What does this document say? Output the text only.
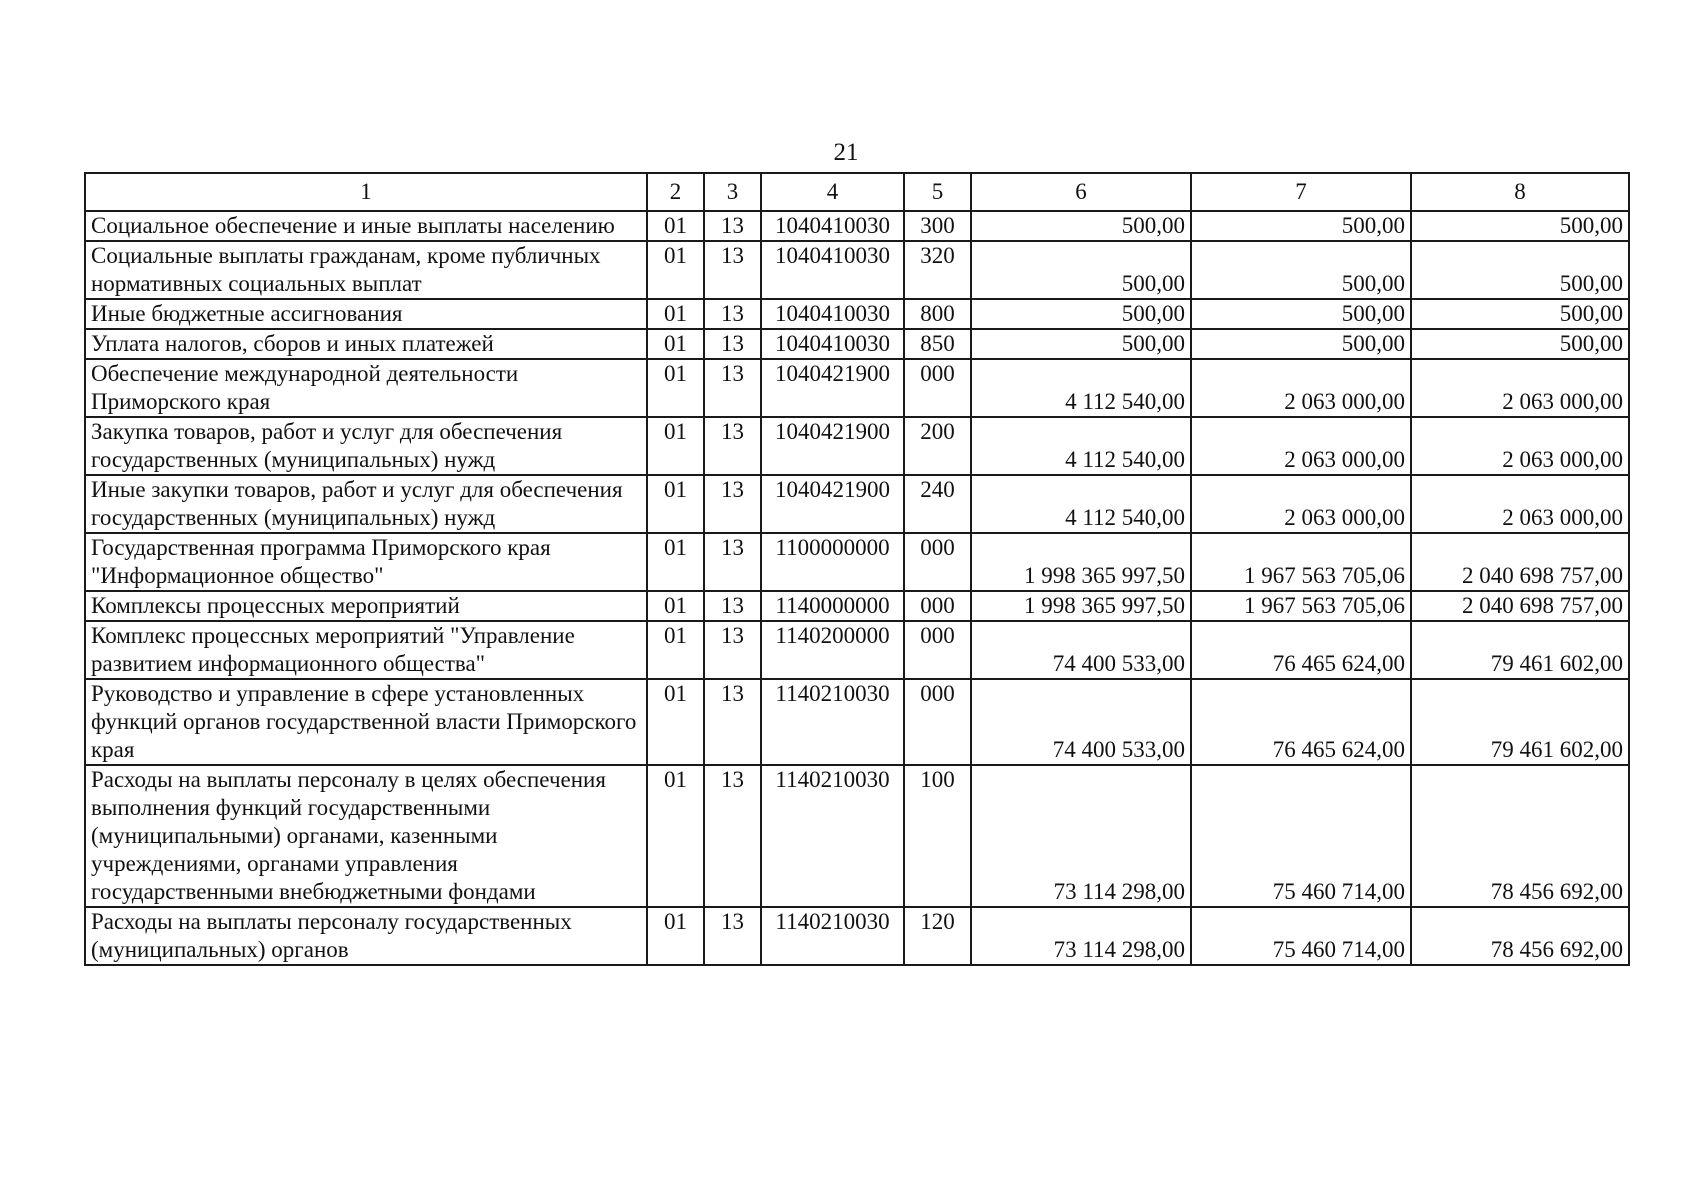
21
1	2	3	4	5	6	7	8
Социальное обеспечение и иные выплаты населению	01	13	1040410030	300	500,00	500,00	500,00
Социальные выплаты гражданам, кроме публичных нормативных социальных выплат	01	13	1040410030	320	500,00	500,00	500,00
Иные бюджетные ассигнования	01	13	1040410030	800	500,00	500,00	500,00
Уплата налогов, сборов и иных платежей	01	13	1040410030	850	500,00	500,00	500,00
Обеспечение международной деятельности Приморского края	01	13	1040421900	000	4 112 540,00	2 063 000,00	2 063 000,00
Закупка товаров, работ и услуг для обеспечения государственных (муниципальных) нужд	01	13	1040421900	200	4 112 540,00	2 063 000,00	2 063 000,00
Иные закупки товаров, работ и услуг для обеспечения государственных (муниципальных) нужд	01	13	1040421900	240	4 112 540,00	2 063 000,00	2 063 000,00
Государственная программа Приморского края "Информационное общество"	01	13	1100000000	000	1 998 365 997,50	1 967 563 705,06	2 040 698 757,00
Комплексы процессных мероприятий	01	13	1140000000	000	1 998 365 997,50	1 967 563 705,06	2 040 698 757,00
Комплекс процессных мероприятий "Управление развитием информационного общества"	01	13	1140200000	000	74 400 533,00	76 465 624,00	79 461 602,00
Руководство и управление в сфере установленных функций органов государственной власти Приморского края	01	13	1140210030	000	74 400 533,00	76 465 624,00	79 461 602,00
Расходы на выплаты персоналу в целях обеспечения выполнения функций государственными (муниципальными) органами, казенными учреждениями, органами управления государственными внебюджетными фондами	01	13	1140210030	100	73 114 298,00	75 460 714,00	78 456 692,00
Расходы на выплаты персоналу государственных (муниципальных) органов	01	13	1140210030	120	73 114 298,00	75 460 714,00	78 456 692,00
